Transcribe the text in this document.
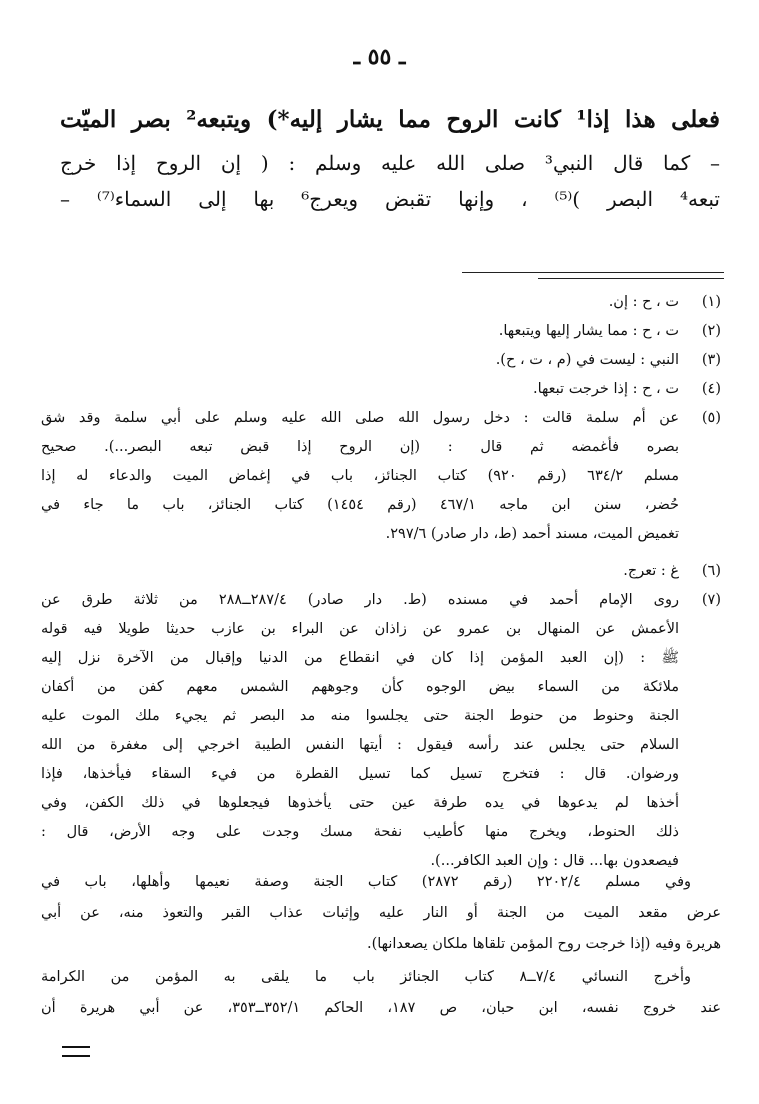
ـ ٥٥ ـ
فعلى هذا إذا¹ كانت الروح مما يشار إليه*) ويتبعه² بصر الميّت
– كما قال النبي³ صلى الله عليه وسلم : ( إن الروح إذا خرج
تبعه⁴ البصر )⁽⁵⁾ ، وإنها تقبض ويعرج⁶ بها إلى السماء⁽⁷⁾ –
(١)
ت ، ح : إن.
(٢)
ت ، ح : مما يشار إليها ويتبعها.
(٣)
النبي : ليست في (م ، ت ، ح).
(٤)
ت ، ح : إذا خرجت تبعها.
(٥)
عن أم سلمة قالت : دخل رسول الله صلى الله عليه وسلم على أبي سلمة وقد شق
بصره فأغمضه ثم قال : (إن الروح إذا قبض تبعه البصر...). صحيح
مسلم ٦٣٤/٢ (رقم ٩٢٠) كتاب الجنائز، باب في إغماض الميت والدعاء له إذا
حُضر، سنن ابن ماجه ٤٦٧/١ (رقم ١٤٥٤) كتاب الجنائز، باب ما جاء في
تغميض الميت، مسند أحمد (ط، دار صادر) ٢٩٧/٦.
(٦)
غ : تعرج.
(٧)
روى الإمام أحمد في مسنده (ط. دار صادر) ٢٨٧/٤ــ٢٨٨ من ثلاثة طرق عن
الأعمش عن المنهال بن عمرو عن زاذان عن البراء بن عازب حديثا طويلا فيه قوله
ﷺ : (إن العبد المؤمن إذا كان في انقطاع من الدنيا وإقبال من الآخرة نزل إليه
ملائكة من السماء بيض الوجوه كأن وجوههم الشمس معهم كفن من أكفان
الجنة وحنوط من حنوط الجنة حتى يجلسوا منه مد البصر ثم يجيء ملك الموت عليه
السلام حتى يجلس عند رأسه فيقول : أيتها النفس الطيبة اخرجي إلى مغفرة من الله
ورضوان. قال : فتخرج تسيل كما تسيل القطرة من فيء السقاء فيأخذها، فإذا
أخذها لم يدعوها في يده طرفة عين حتى يأخذوها فيجعلوها في ذلك الكفن، وفي
ذلك الحنوط، ويخرج منها كأطيب نفحة مسك وجدت على وجه الأرض، قال :
فيصعدون بها... قال : وإن العبد الكافر...).
وفي مسلم ٢٢٠٢/٤ (رقم ٢٨٧٢) كتاب الجنة وصفة نعيمها وأهلها، باب في
عرض مقعد الميت من الجنة أو النار عليه وإثبات عذاب القبر والتعوذ منه، عن أبي
هريرة وفيه (إذا خرجت روح المؤمن تلقاها ملكان يصعدانها).
وأخرج النسائي ٧/٤ــ٨ كتاب الجنائز باب ما يلقى به المؤمن من الكرامة
عند خروج نفسه، ابن حبان، ص ١٨٧، الحاكم ٣٥٢/١ــ٣٥٣، عن أبي هريرة أن
